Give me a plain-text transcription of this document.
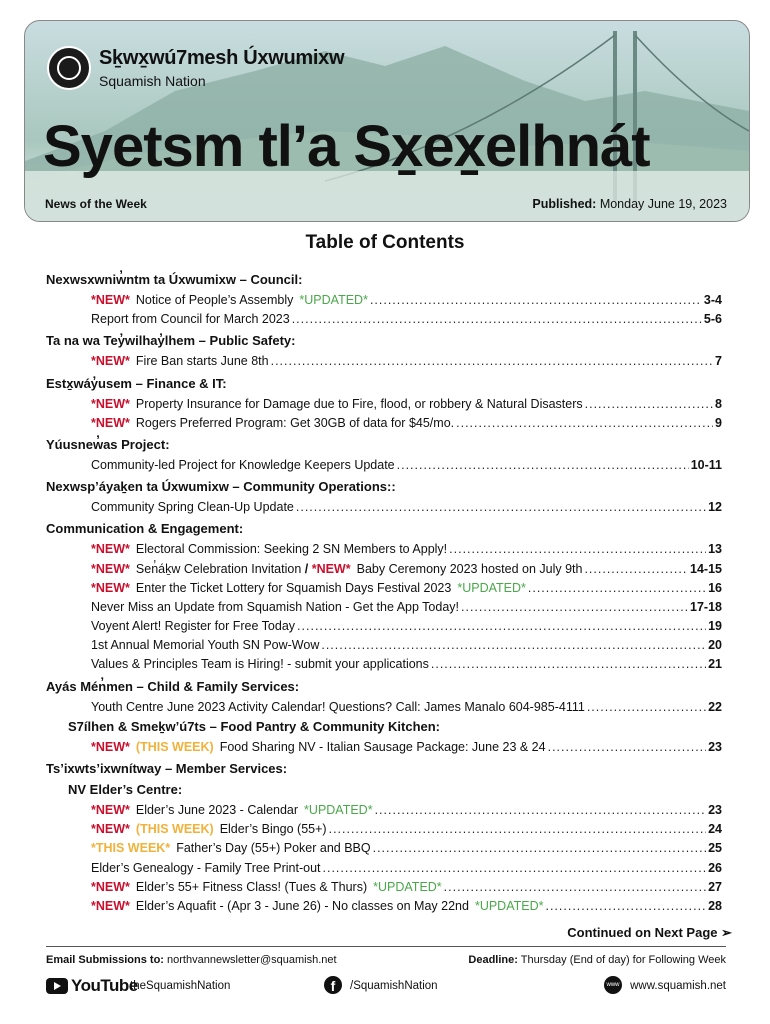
Sḵwx̱wú7mesh Úxwumixw
Squamish Nation
Syetsm tl’a Sx̱ex̱elhnát
News of the Week	Published: Monday June 19, 2023
Table of Contents
Nexwsxwniw̓ntm ta Úxwumixw – Council:
*NEW* Notice of People’s Assembly *UPDATED* .....	3-4
Report from Council for March 2023 .....	5-6
Ta na wa Tey̓wilhay̓lhem – Public Safety:
*NEW* Fire Ban starts June 8th .....	7
Estx̱wáy̓usem – Finance & IT:
*NEW* Property Insurance for Damage due to Fire, flood, or robbery & Natural Disasters .....	8
*NEW* Rogers Preferred Program: Get 30GB of data for $45/mo. .....	9
Yúusnew̓as Project:
Community-led Project for Knowledge Keepers Update .....	10-11
Nexwsp’áyaḵen ta Úxwumixw – Community Operations::
Community Spring Clean-Up Update .....	12
Communication & Engagement:
*NEW* Electoral Commission: Seeking 2 SN Members to Apply! .....	13
*NEW* Sen̓áḵw Celebration Invitation / *NEW* Baby Ceremony 2023 hosted on July 9th .....	14-15
*NEW* Enter the Ticket Lottery for Squamish Days Festival 2023 *UPDATED* .....	16
Never Miss an Update from Squamish Nation - Get the App Today! .....	17-18
Voyent Alert! Register for Free Today .....	19
1st Annual Memorial Youth SN Pow-Wow .....	20
Values & Principles Team is Hiring! - submit your applications .....	21
Ayás Mén̓men – Child & Family Services:
Youth Centre June 2023 Activity Calendar! Questions? Call: James Manalo 604-985-4111 .....	22
S7ílhen & Smeḵw’ú7ts – Food Pantry & Community Kitchen:
*NEW* (THIS WEEK) Food Sharing NV - Italian Sausage Package: June 23 & 24 .....	23
Ts’ixwts’ixwnítway – Member Services:
NV Elder’s Centre:
*NEW* Elder’s June 2023 - Calendar *UPDATED* .....	23
*NEW* (THIS WEEK) Elder’s Bingo (55+) .....	24
*THIS WEEK* Father’s Day (55+) Poker and BBQ .....	25
Elder’s Genealogy - Family Tree Print-out .....	26
*NEW* Elder’s 55+ Fitness Class! (Tues & Thurs) *UPDATED* .....	27
*NEW* Elder’s Aquafit - (Apr 3 - June 26) - No classes on May 22nd *UPDATED* .....	28
Continued on Next Page ➢
Email Submissions to: northvannewsletter@squamish.net	Deadline: Thursday (End of day) for Following Week
YouTube
theSquamishNation	f	/SquamishNation	www www.squamish.net
